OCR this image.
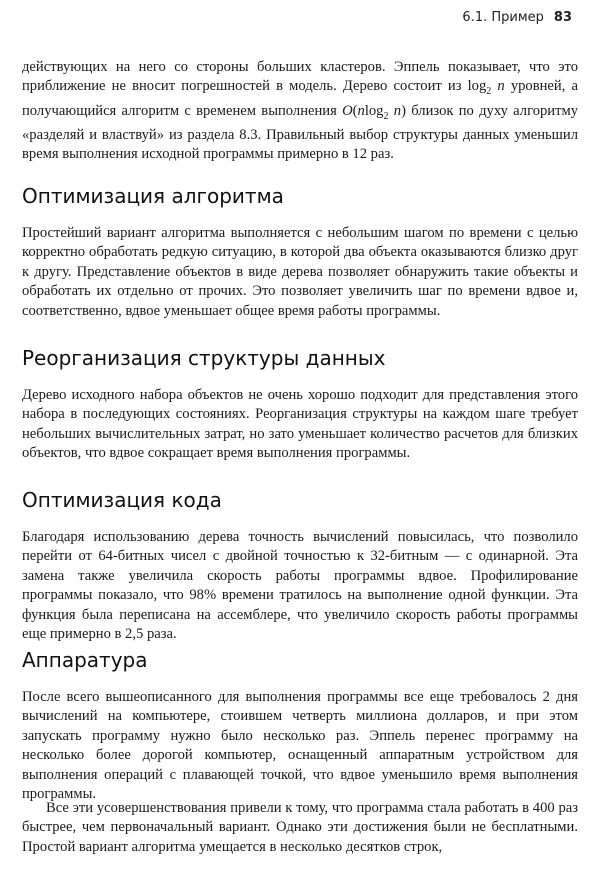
6.1. Пример 83

действующих на него со стороны больших кластеров. Эппель показывает, что это приближение не вносит погрешностей в модель. Дерево состоит из $\log_2 n$ уровней, а получающийся алгоритм с временем выполнения O(nlog$_2$ n) близок по духу алгоритму «разделяй и властвуй» из раздела 8.3. Правильный выбор структуры данных уменьшил время выполнения исходной программы примерно в 12 раз.

Оптимизация алгоритма

Простейший вариант алгоритма выполняется с небольшим шагом по времени с целью корректно обработать редкую ситуацию, в которой два объекта оказываются близко друг к другу. Представление объектов в виде дерева позволяет обнаружить такие объекты и обработать их отдельно от прочих. Это позволяет увеличить шаг по времени вдвое и, соответственно, вдвое уменьшает общее время работы программы.

Реорганизация структуры данных

Дерево исходного набора объектов не очень хорошо подходит для представления этого набора в последующих состояниях. Реорганизация структуры на каждом шаге требует небольших вычислительных затрат, но зато уменьшает количество расчетов для близких объектов, что вдвое сокращает время выполнения программы.

Оптимизация кода

Благодаря использованию дерева точность вычислений повысилась, что позволило перейти от 64-битных чисел с двойной точностью к 32-битным — с одинарной. Эта замена также увеличила скорость работы программы вдвое. Профилирование программы показало, что 98% времени тратилось на выполнение одной функции. Эта функция была переписана на ассемблере, что увеличило скорость работы программы еще примерно в 2,5 раза.

Аппаратура

После всего вышеописанного для выполнения программы все еще требовалось 2 дня вычислений на компьютере, стоившем четверть миллиона долларов, и при этом запускать программу нужно было несколько раз. Эппель перенес программу на несколько более дорогой компьютер, оснащенный аппаратным устройством для выполнения операций с плавающей точкой, что вдвое уменьшило время выполнения программы.

Все эти усовершенствования привели к тому, что программа стала работать в 400 раз быстрее, чем первоначальный вариант. Однако эти достижения были не бесплатными. Простой вариант алгоритма умещается в несколько десятков строк,
